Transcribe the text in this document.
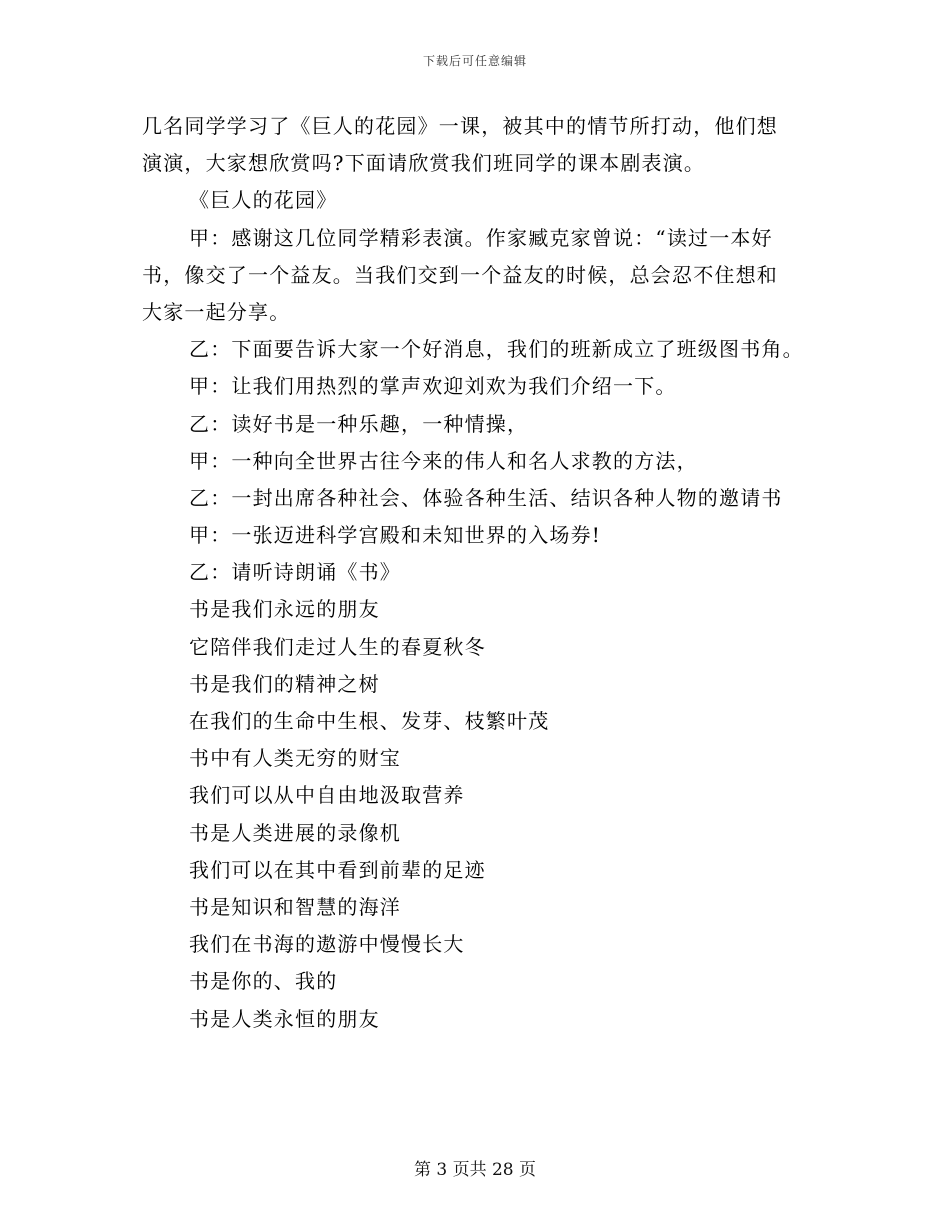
下载后可任意编辑
几名同学学习了《巨人的花园》一课，被其中的情节所打动，他们想
演演，大家想欣赏吗?下面请欣赏我们班同学的课本剧表演。
《巨人的花园》
甲：感谢这几位同学精彩表演。作家臧克家曾说：“读过一本好
书，像交了一个益友。当我们交到一个益友的时候，总会忍不住想和
大家一起分享。
乙：下面要告诉大家一个好消息，我们的班新成立了班级图书角。
甲：让我们用热烈的掌声欢迎刘欢为我们介绍一下。
乙：读好书是一种乐趣，一种情操，
甲：一种向全世界古往今来的伟人和名人求教的方法，
乙：一封出席各种社会、体验各种生活、结识各种人物的邀请书
甲：一张迈进科学宫殿和未知世界的入场券!
乙：请听诗朗诵《书》
书是我们永远的朋友
它陪伴我们走过人生的春夏秋冬
书是我们的精神之树
在我们的生命中生根、发芽、枝繁叶茂
书中有人类无穷的财宝
我们可以从中自由地汲取营养
书是人类进展的录像机
我们可以在其中看到前辈的足迹
书是知识和智慧的海洋
我们在书海的遨游中慢慢长大
书是你的、我的
书是人类永恒的朋友
第 3 页共 28 页
